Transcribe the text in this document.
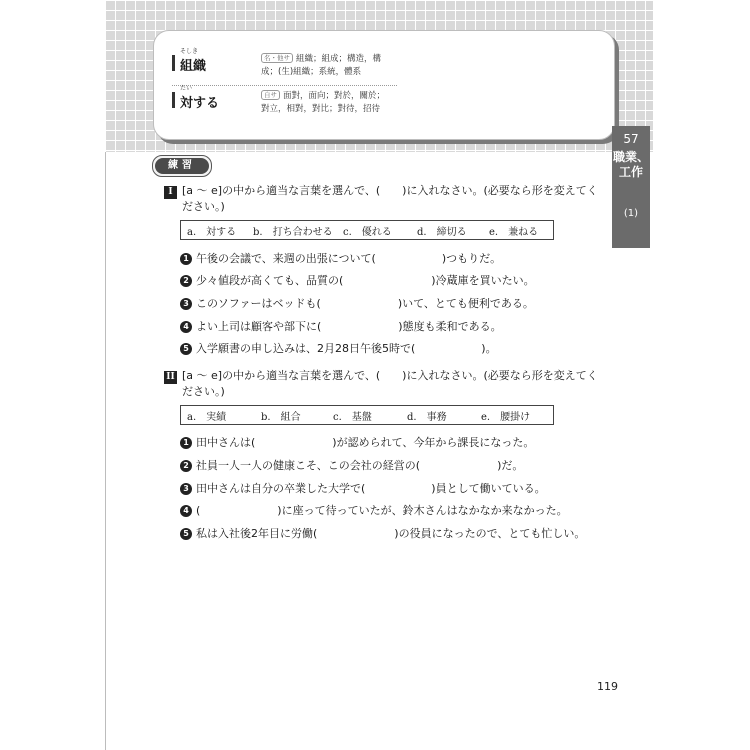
そしき
組織
名・他サ 組織；組成；構造，構成；(生)組織；系統，體系
たい
対する
自サ 面對，面向；對於，關於；對立，相對，對比；對待，招待
57
職業、工作
(1)
練習
I [a ～ e]の中から適当な言葉を選んで、(　　)に入れなさい。(必要なら形を変えてください。)
a.　対する b.　打ち合わせる c.　優れる	d.　締切る e.　兼ねる
1 午後の会議で、来週の出張について(　　　　　　)つもりだ。
2 少々値段が高くても、品質の(　　　　　　　　)冷蔵庫を買いたい。
3 このソファーはベッドも(　　　　　　　)いて、とても便利である。
4 よい上司は顧客や部下に(　　　　　　　)態度も柔和である。
5 入学願書の申し込みは、2月28日午後5時で(　　　　　　)。
II [a ～ e]の中から適当な言葉を選んで、(　　)に入れなさい。(必要なら形を変えてください。)
a.　実績	b.　組合	c.　基盤	d.　事務	e.　腰掛け
1 田中さんは(　　　　　　　)が認められて、今年から課長になった。
2 社員一人一人の健康こそ、この会社の経営の(　　　　　　　)だ。
3 田中さんは自分の卒業した大学で(　　　　　　)員として働いている。
4 (　　　　　　　)に座って待っていたが、鈴木さんはなかなか来なかった。
5 私は入社後2年目に労働(　　　　　　　)の役員になったので、とても忙しい。
119
